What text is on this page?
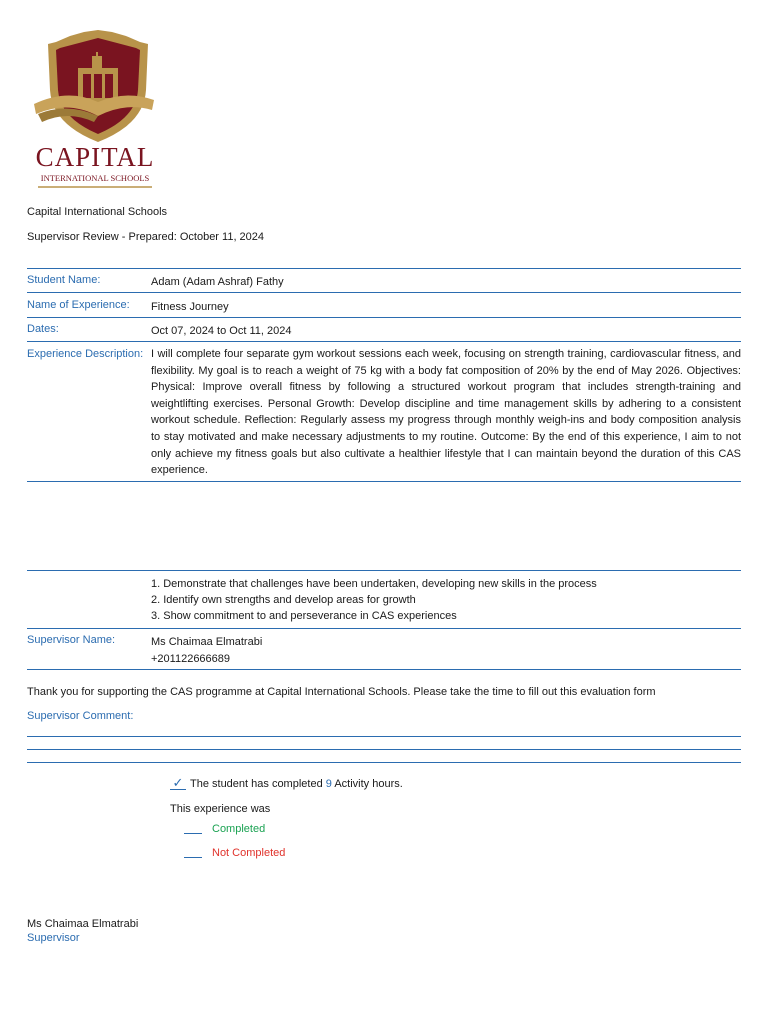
CAPITAL
INTERNATIONAL SCHOOLS
Capital International Schools
Supervisor Review - Prepared: October 11, 2024
Student Name:	Adam (Adam Ashraf) Fathy
Name of Experience: Fitness Journey
Dates:	Oct 07, 2024 to Oct 11, 2024
Experience Description: I will complete four separate gym workout sessions each week, focusing on strength training, cardiovascular fitness, and flexibility. My goal is to reach a weight of 75 kg with a body fat composition of 20% by the end of May 2026. Objectives: Physical: Improve overall fitness by following a structured workout program that includes strength-training and weightlifting exercises. Personal Growth: Develop discipline and time management skills by adhering to a consistent workout schedule. Reflection: Regularly assess my progress through monthly weigh-ins and body composition analysis to stay motivated and make necessary adjustments to my routine. Outcome: By the end of this experience, I aim to not only achieve my fitness goals but also cultivate a healthier lifestyle that I can maintain beyond the duration of this CAS experience.
1. Demonstrate that challenges have been undertaken, developing new skills in the process
2. Identify own strengths and develop areas for growth
3. Show commitment to and perseverance in CAS experiences
Supervisor Name:	Ms Chaimaa Elmatrabi
+201122666689
Thank you for supporting the CAS programme at Capital International Schools. Please take the time to fill out this evaluation form
Supervisor Comment:
✓ The student has completed 9 Activity hours.
This experience was
Completed
Not Completed
Ms Chaimaa Elmatrabi
Supervisor
